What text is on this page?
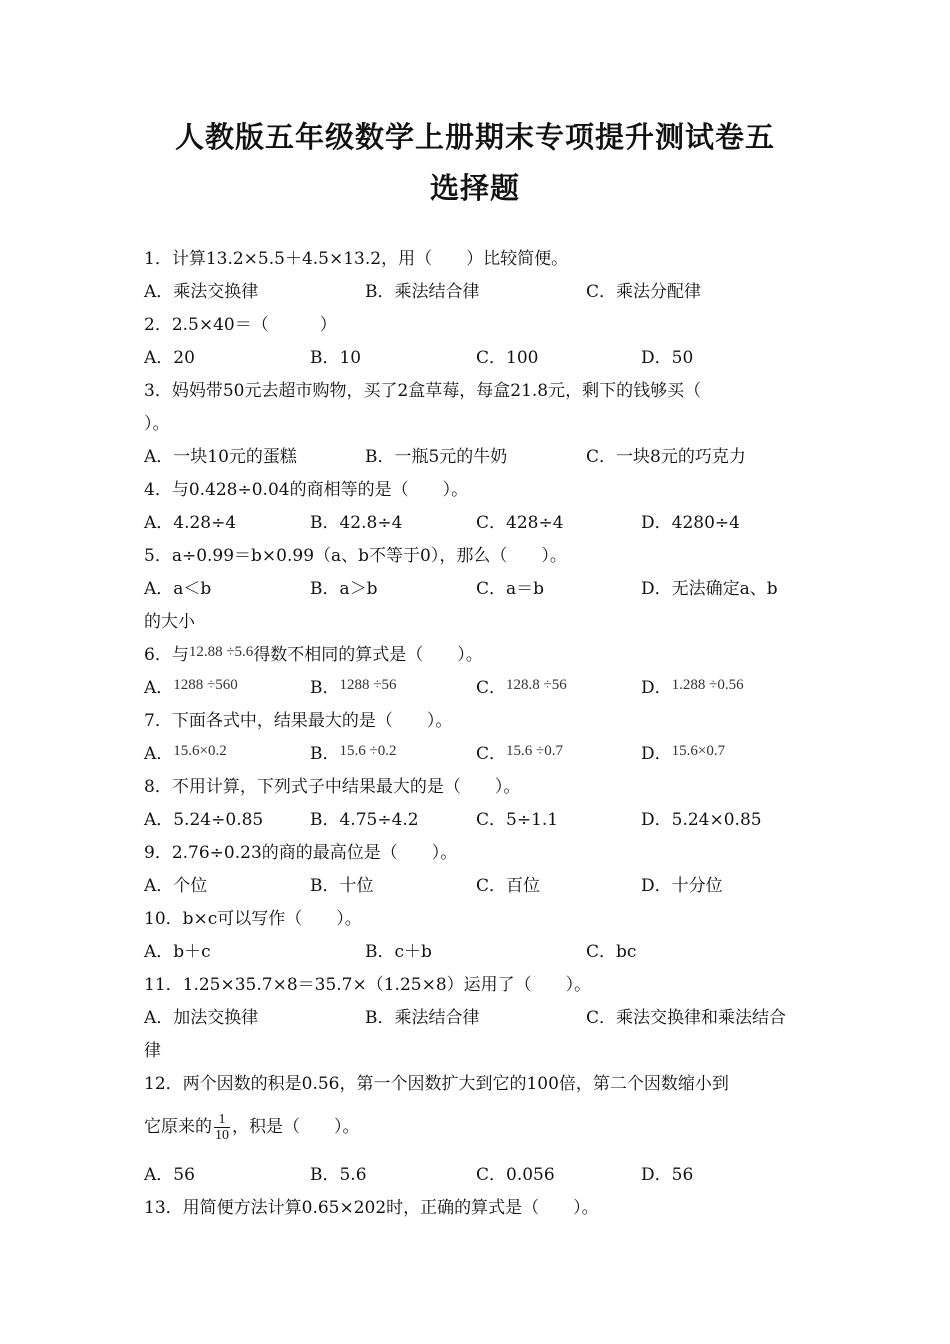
人教版五年级数学上册期末专项提升测试卷五
选择题
1．计算13.2×5.5＋4.5×13.2，用（　　）比较简便。
A．乘法交换律	B．乘法结合律	C．乘法分配律
2．2.5×40＝（　　　）
A．20	B．10	C．100	D．50
3．妈妈带50元去超市购物，买了2盒草莓，每盒21.8元，剩下的钱够买（
）。
A．一块10元的蛋糕	B．一瓶5元的牛奶	C．一块8元的巧克力
4．与0.428÷0.04的商相等的是（　　）。
A．4.28÷4	B．42.8÷4	C．428÷4	D．4280÷4
5．a÷0.99＝b×0.99（a、b不等于0），那么（　　）。
A．a＜b	B．a＞b	C．a＝b	D．无法确定a、b
的大小
6．与12.88 ÷5.6得数不相同的算式是（　　）。
A．1288 ÷560	B．1288 ÷56	C．128.8 ÷56	D．1.288 ÷0.56
7．下面各式中，结果最大的是（　　）。
A．15.6×0.2	B．15.6 ÷0.2	C．15.6 ÷0.7	D．15.6×0.7
8．不用计算，下列式子中结果最大的是（　　）。
A．5.24÷0.85	B．4.75÷4.2	C．5÷1.1	D．5.24×0.85
9．2.76÷0.23的商的最高位是（　　）。
A．个位	B．十位	C．百位	D．十分位
10．b×c可以写作（　　）。
A．b＋c	B．c＋b	C．bc
11．1.25×35.7×8＝35.7×（1.25×8）运用了（　　）。
A．加法交换律	B．乘法结合律	C．乘法交换律和乘法结合
律
12．两个因数的积是0.56，第一个因数扩大到它的100倍，第二个因数缩小到
它原来的 $\frac{1}{10}$ ，积是（　　）。
A．56	B．5.6	C．0.056	D．56
13．用简便方法计算0.65×202时，正确的算式是（　　）。
